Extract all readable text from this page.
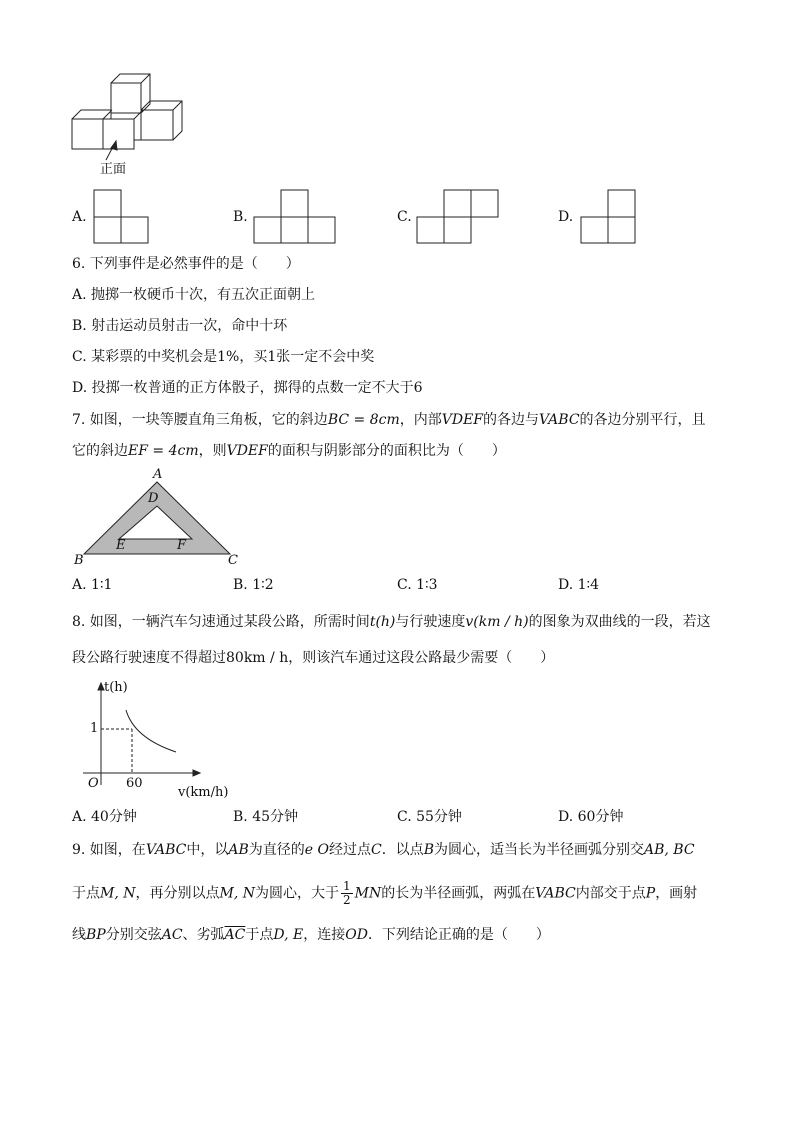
正面
A.	B.	C.	D.
6. 下列事件是必然事件的是（　　）
A. 抛掷一枚硬币十次，有五次正面朝上
B. 射击运动员射击一次，命中十环
C. 某彩票的中奖机会是1%，买1张一定不会中奖
D. 投掷一枚普通的正方体骰子，掷得的点数一定不大于6
7. 如图，一块等腰直角三角板，它的斜边BC = 8cm，内部VDEF的各边与VABC的各边分别平行，且
它的斜边EF = 4cm，则VDEF的面积与阴影部分的面积比为（　　）
A
D
E	F
B	C
A. 1∶1	B. 1∶2	C. 1∶3	D. 1∶4
8. 如图，一辆汽车匀速通过某段公路，所需时间t(h)与行驶速度v(km / h)的图象为双曲线的一段，若这
段公路行驶速度不得超过80km / h，则该汽车通过这段公路最少需要（　　）
t(h)
1
O 60
v(km/h)
A. 40分钟	B. 45分钟	C. 55分钟	D. 60分钟
9. 如图，在VABC中，以AB为直径的e O经过点C．以点B为圆心，适当长为半径画弧分别交AB, BC
于点M, N，再分别以点M, N为圆心，大于 $\frac{1}{2}$ MN的长为半径画弧，两弧在VABC内部交于点P，画射
线BP分别交弦AC、劣弧$\overline{AC}$于点D, E，连接OD．下列结论正确的是（　　）
